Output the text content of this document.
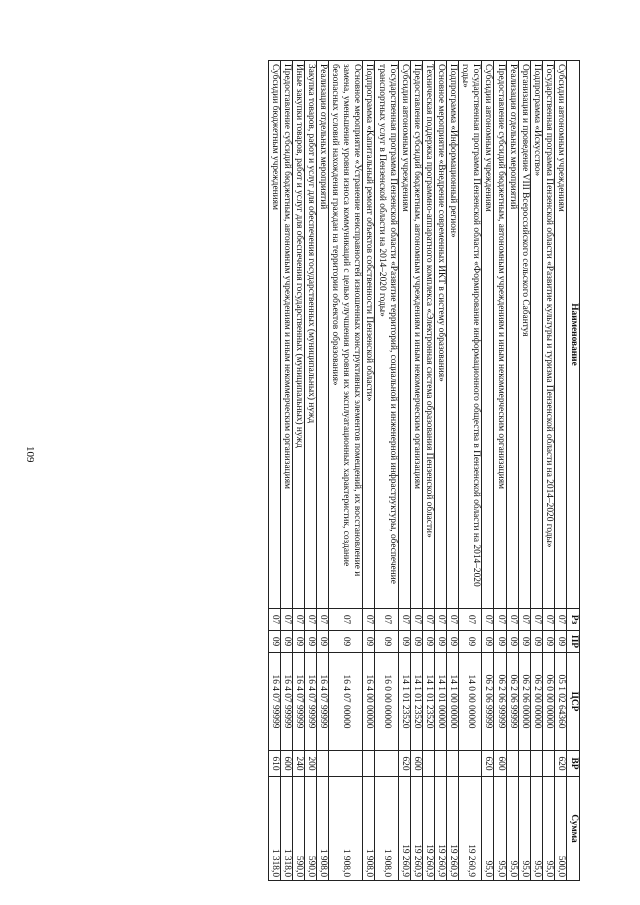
109
Наименование	Рз	ПР	ЦСР	ВР	Сумма
Субсидии автономным учреждениям	07	09	05 1 02 64360	620	500,0
Государственная программа Пензенской области «Развитие культуры и туризма Пензенской области на 2014–2020 годы»	07	09	06 0 00 00000		95,0
Подпрограмма «Искусство»	07	09	06 2 00 00000		95,0
Организация и проведение VIII Всероссийского сельского Сабантуя	07	09	06 2 06 00000		95,0
Реализация отдельных мероприятий	07	09	06 2 06 99999		95,0
Предоставление субсидий бюджетным, автономным учреждениям и иным некоммерческим организациям	07	09	06 2 06 99999	600	95,0
Субсидии автономным учреждениям	07	09	06 2 06 99999	620	95,0
Государственная программа Пензенской области «Формирование информационного общества в Пензенской области на 2014–2020 годы»	07	09	14 0 00 00000		19 260,9
Подпрограмма «Информационный регион»	07	09	14 1 00 00000		19 260,9
Основное мероприятие «Внедрение современных ИКТ в систему образования»	07	09	14 1 01 00000		19 260,9
Техническая поддержка программно-аппаратного комплекса «Электронная система образования Пензенской области»	07	09	14 1 01 23520		19 260,9
Предоставление субсидий бюджетным, автономным учреждениям и иным некоммерческим организациям	07	09	14 1 01 23520	600	19 260,9
Субсидии автономным учреждениям	07	09	14 1 01 23520	620	19 260,9
Государственная программа Пензенской области «Развитие территорий, социальной и инженерной инфраструктуры, обеспечение транспортных услуг в Пензенской области на 2014–2020 годы»	07	09	16 0 00 00000		1 908,0
Подпрограмма «Капитальный ремонт объектов собственности Пензенской области»	07	09	16 4 00 00000		1 908,0
Основное мероприятие «Устранение неисправностей изношенных конструктивных элементов помещений, их восстановление и замена, уменьшение уровня износа коммуникаций с целью улучшения уровня их эксплуатационных характеристик, создание безопасных условий нахождения граждан на территории объектов образования»	07	09	16 4 07 00000		1 908,0
Реализация отдельных мероприятий	07	09	16 4 07 99999		1 908,0
Закупка товаров, работ и услуг для обеспечения государственных (муниципальных) нужд	07	09	16 4 07 99999	200	590,0
Иные закупки товаров, работ и услуг для обеспечения государственных (муниципальных) нужд	07	09	16 4 07 99999	240	590,0
Предоставление субсидий бюджетным, автономным учреждениям и иным некоммерческим организациям	07	09	16 4 07 99999	600	1 318,0
Субсидии бюджетным учреждениям	07	09	16 4 07 99999	610	1 318,0
